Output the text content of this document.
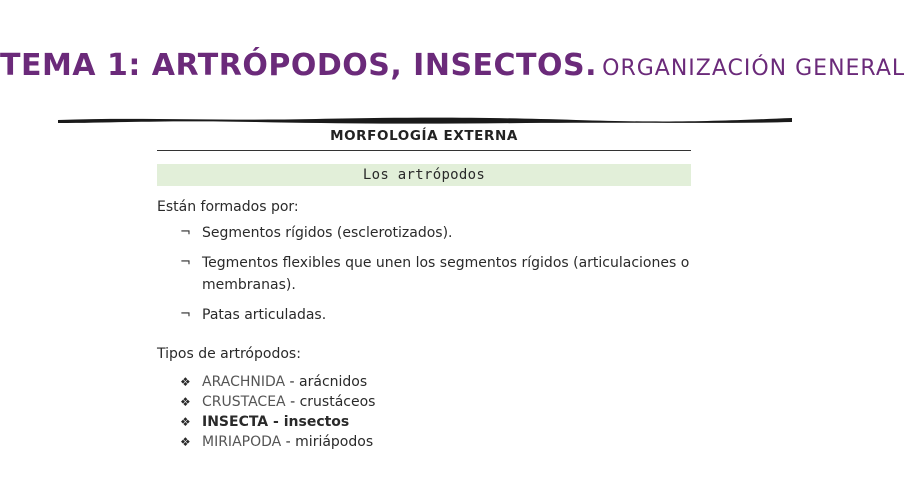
TEMA 1: ARTRÓPODOS, INSECTOS. ORGANIZACIÓN GENERAL
MORFOLOGÍA EXTERNA
Los artrópodos
Están formados por:
¬ Segmentos rígidos (esclerotizados).
¬ Tegmentos flexibles que unen los segmentos rígidos (articulaciones o membranas).
¬ Patas articuladas.
Tipos de artrópodos:
❖ ARACHNIDA - arácnidos
❖ CRUSTACEA - crustáceos
❖ INSECTA - insectos
❖ MIRIAPODA - miriápodos
